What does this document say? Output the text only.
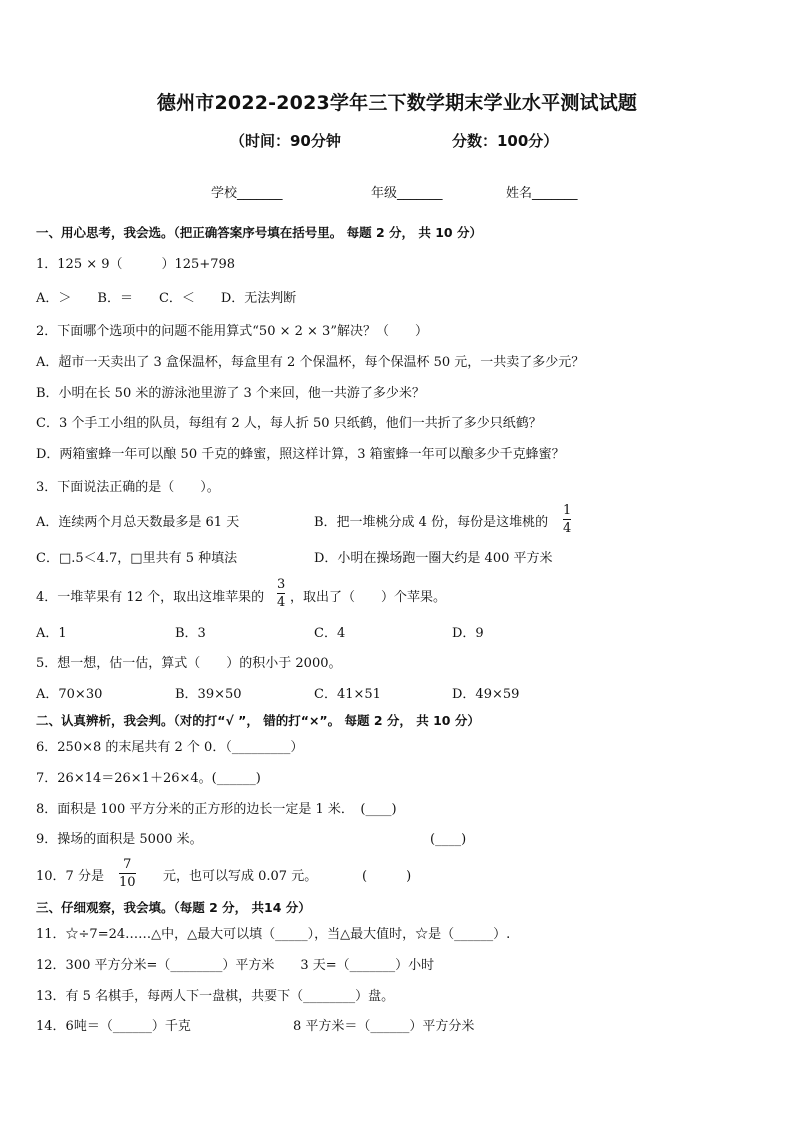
德州市2022-2023学年三下数学期末学业水平测试试题
（时间：90分钟	分数：100分）
学校_______	年级_______	姓名_______
一、用心思考，我会选。（把正确答案序号填在括号里。 每题 2 分， 共 10 分）
1．125 × 9（　　　）125+798
A．＞　　B．＝　　C．＜　　D．无法判断
2．下面哪个选项中的问题不能用算式“50 × 2 × 3”解决？（　　）
A．超市一天卖出了 3 盒保温杯，每盒里有 2 个保温杯，每个保温杯 50 元，一共卖了多少元？
B．小明在长 50 米的游泳池里游了 3 个来回，他一共游了多少米？
C．3 个手工小组的队员，每组有 2 人，每人折 50 只纸鹤，他们一共折了多少只纸鹤？
D．两箱蜜蜂一年可以酿 50 千克的蜂蜜，照这样计算，3 箱蜜蜂一年可以酿多少千克蜂蜜？
3．下面说法正确的是（　　）。
A．连续两个月总天数最多是 61 天	B．把一堆桃分成 4 份，每份是这堆桃的
1
4
C．□.5＜4.7，□里共有 5 种填法	D．小明在操场跑一圈大约是 400 平方米
4．一堆苹果有 12 个，取出这堆苹果的
3
4 ，取出了（　　）个苹果。
A．1	B．3	C．4	D．9
5．想一想，估一估，算式（　　）的积小于 2000。
A．70×30	B．39×50	C．41×51	D．49×59
二、认真辨析，我会判。（对的打“√ ”， 错的打“×”。 每题 2 分， 共 10 分）
6．250×8 的末尾共有 2 个 0．（_________）
7．26×14＝26×1＋26×4。(______)
8．面积是 100 平方分米的正方形的边长一定是 1 米．　(____)
9．操场的面积是 5000 米。	(____)
10．7 分是
7
10 元，也可以写成 0.07 元。	(　　　)
三、仔细观察，我会填。（每题 2 分， 共14 分）
11．☆÷7=24……△中，△最大可以填（_____），当△最大值时，☆是（______）.
12．300 平方分米=（________）平方米　　3 天=（_______）小时
13．有 5 名棋手，每两人下一盘棋，共要下（________）盘。
14．6吨＝（______）千克	8 平方米＝（______）平方分米
